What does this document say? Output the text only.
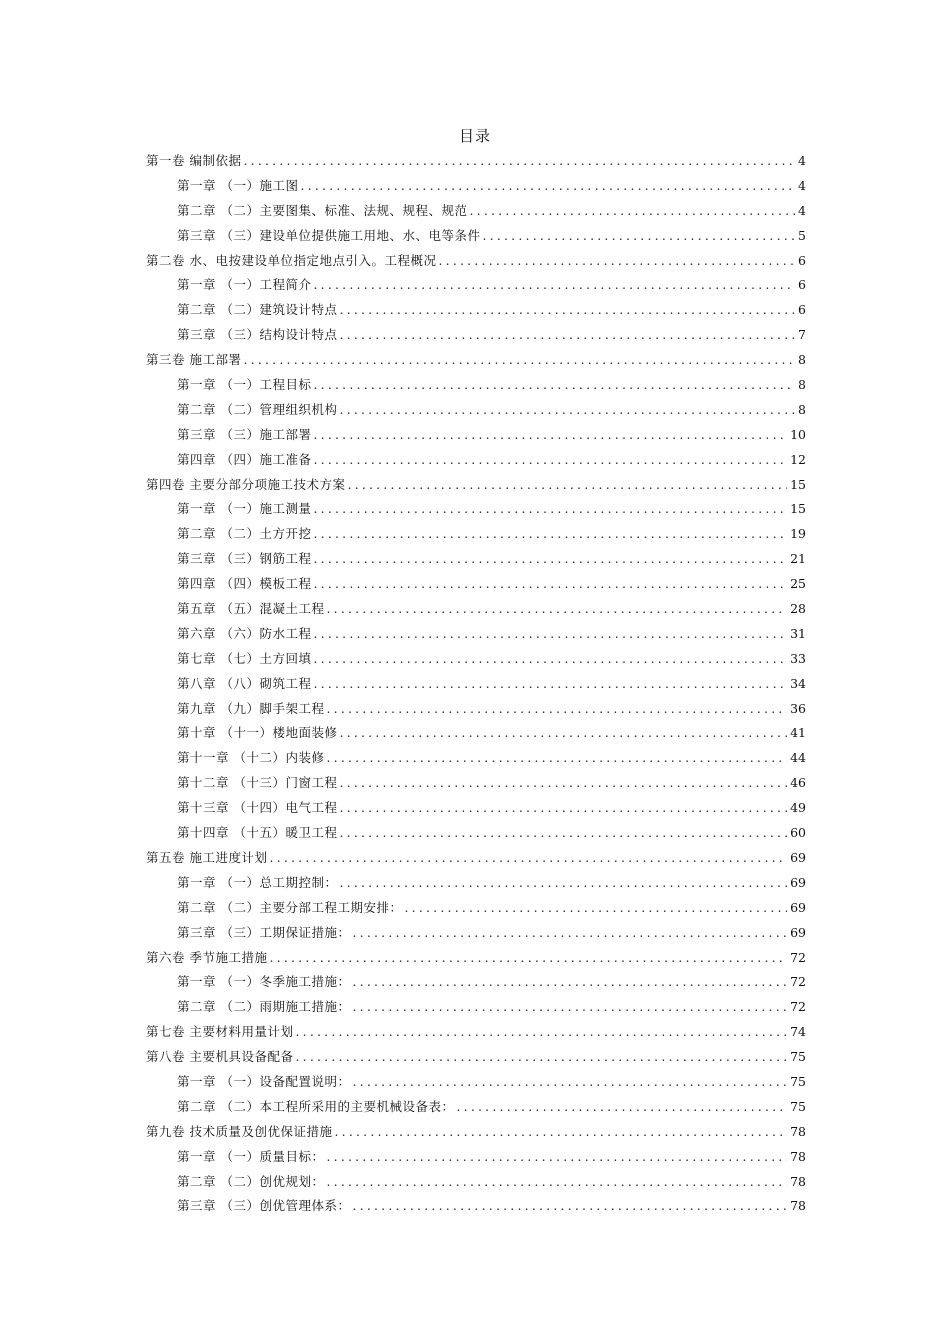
目录
第一卷 编制依据 .....	4
第一章 （一）施工图 .....	4
第二章 （二）主要图集、标准、法规、规程、规范 .....	4
第三章 （三）建设单位提供施工用地、水、电等条件 .....	5
第二卷 水、电按建设单位指定地点引入。工程概况 .....	6
第一章 （一）工程简介 .....	6
第二章 （二）建筑设计特点 .....	6
第三章 （三）结构设计特点 .....	7
第三卷 施工部署 .....	8
第一章 （一）工程目标 .....	8
第二章 （二）管理组织机构 .....	8
第三章 （三）施工部署 .....	10
第四章 （四）施工准备 .....	12
第四卷 主要分部分项施工技术方案 .....	15
第一章 （一）施工测量 .....	15
第二章 （二）土方开挖 .....	19
第三章 （三）钢筋工程 .....	21
第四章 （四）模板工程 .....	25
第五章 （五）混凝土工程 .....	28
第六章 （六）防水工程 .....	31
第七章 （七）土方回填 .....	33
第八章 （八）砌筑工程 .....	34
第九章 （九）脚手架工程 .....	36
第十章 （十一）楼地面装修 .....	41
第十一章 （十二）内装修 .....	44
第十二章 （十三）门窗工程 .....	46
第十三章 （十四）电气工程 .....	49
第十四章 （十五）暖卫工程 .....	60
第五卷 施工进度计划 .....	69
第一章 （一）总工期控制： .....	69
第二章 （二）主要分部工程工期安排： .....	69
第三章 （三）工期保证措施： .....	69
第六卷 季节施工措施 .....	72
第一章 （一）冬季施工措施： .....	72
第二章 （二）雨期施工措施： .....	72
第七卷 主要材料用量计划 .....	74
第八卷 主要机具设备配备 .....	75
第一章 （一）设备配置说明： .....	75
第二章 （二）本工程所采用的主要机械设备表： .....	75
第九卷 技术质量及创优保证措施 .....	78
第一章 （一）质量目标： .....	78
第二章 （二）创优规划： .....	78
第三章 （三）创优管理体系： .....	78
